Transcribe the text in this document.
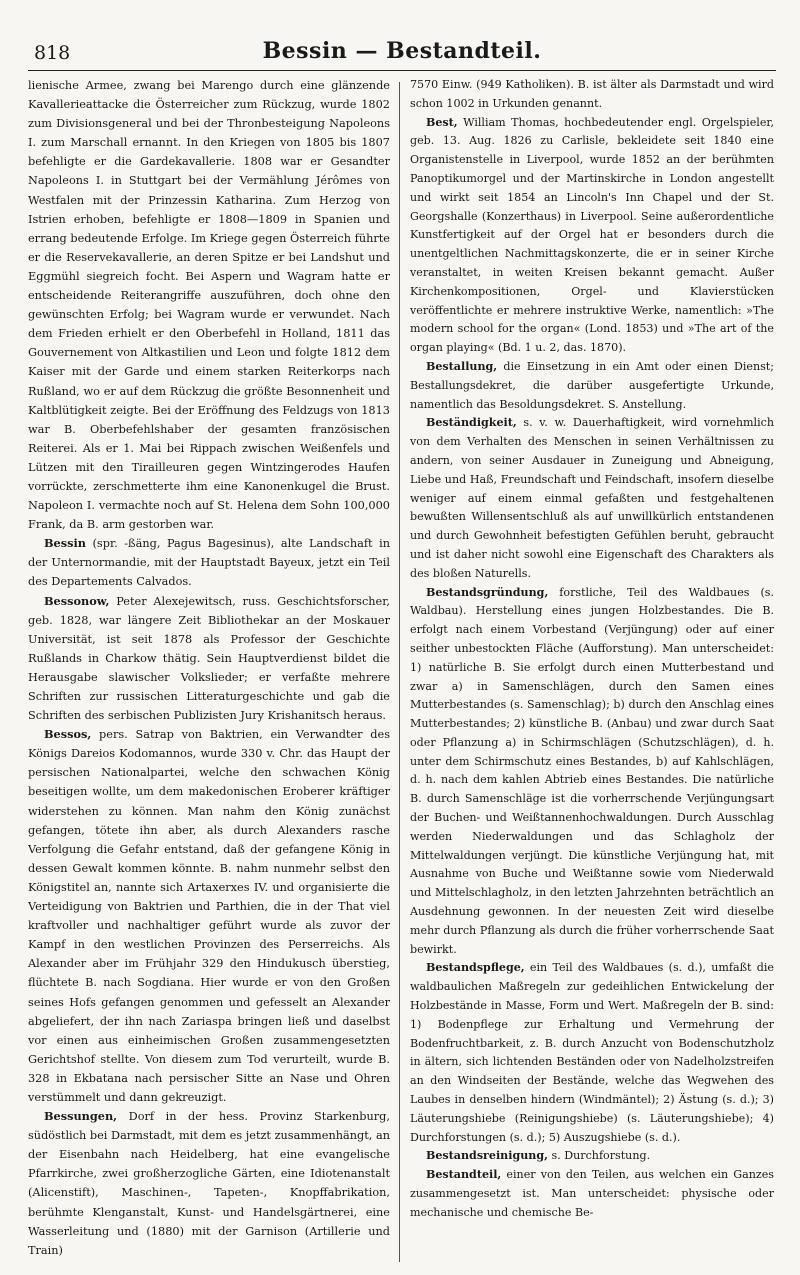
818	Bessin — Bestandteil.

lienische Armee, zwang bei Marengo durch eine glänzende Kavallerieattacke die Österreicher zum Rückzug, wurde 1802 zum Divisionsgeneral und bei der Thronbesteigung Napoleons I. zum Marschall ernannt. In den Kriegen von 1805 bis 1807 befehligte er die Gardekavallerie. 1808 war er Gesandter Napoleons I. in Stuttgart bei der Vermählung Jérômes von Westfalen mit der Prinzessin Katharina. Zum Herzog von Istrien erhoben, befehligte er 1808—1809 in Spanien und errang bedeutende Erfolge. Im Kriege gegen Österreich führte er die Reservekavallerie, an deren Spitze er bei Landshut und Eggmühl siegreich focht. Bei Aspern und Wagram hatte er entscheidende Reiterangriffe auszuführen, doch ohne den gewünschten Erfolg; bei Wagram wurde er verwundet. Nach dem Frieden erhielt er den Oberbefehl in Holland, 1811 das Gouvernement von Altkastilien und Leon und folgte 1812 dem Kaiser mit der Garde und einem starken Reiterkorps nach Rußland, wo er auf dem Rückzug die größte Besonnenheit und Kaltblütigkeit zeigte. Bei der Eröffnung des Feldzugs von 1813 war B. Oberbefehlshaber der gesamten französischen Reiterei. Als er 1. Mai bei Rippach zwischen Weißenfels und Lützen mit den Tirailleuren gegen Wintzingerodes Haufen vorrückte, zerschmetterte ihm eine Kanonenkugel die Brust. Napoleon I. vermachte noch auf St. Helena dem Sohn 100,000 Frank, da B. arm gestorben war.

Bessin (spr. -ßäng, Pagus Bagesinus), alte Landschaft in der Unternormandie, mit der Hauptstadt Bayeux, jetzt ein Teil des Departements Calvados.

Bessonow, Peter Alexejewitsch, russ. Geschichtsforscher, geb. 1828, war längere Zeit Bibliothekar an der Moskauer Universität, ist seit 1878 als Professor der Geschichte Rußlands in Charkow thätig. Sein Hauptverdienst bildet die Herausgabe slawischer Volkslieder; er verfaßte mehrere Schriften zur russischen Litteraturgeschichte und gab die Schriften des serbischen Publizisten Jury Krishanitsch heraus.

Bessos, pers. Satrap von Baktrien, ein Verwandter des Königs Dareios Kodomannos, wurde 330 v. Chr. das Haupt der persischen Nationalpartei, welche den schwachen König beseitigen wollte, um dem makedonischen Eroberer kräftiger widerstehen zu können. Man nahm den König zunächst gefangen, tötete ihn aber, als durch Alexanders rasche Verfolgung die Gefahr entstand, daß der gefangene König in dessen Gewalt kommen könnte. B. nahm nunmehr selbst den Königstitel an, nannte sich Artaxerxes IV. und organisierte die Verteidigung von Baktrien und Parthien, die in der That viel kraftvoller und nachhaltiger geführt wurde als zuvor der Kampf in den westlichen Provinzen des Perserreichs. Als Alexander aber im Frühjahr 329 den Hindukusch überstieg, flüchtete B. nach Sogdiana. Hier wurde er von den Großen seines Hofs gefangen genommen und gefesselt an Alexander abgeliefert, der ihn nach Zariaspa bringen ließ und daselbst vor einen aus einheimischen Großen zusammengesetzten Gerichtshof stellte. Von diesem zum Tod verurteilt, wurde B. 328 in Ekbatana nach persischer Sitte an Nase und Ohren verstümmelt und dann gekreuzigt.

Bessungen, Dorf in der hess. Provinz Starkenburg, südöstlich bei Darmstadt, mit dem es jetzt zusammenhängt, an der Eisenbahn nach Heidelberg, hat eine evangelische Pfarrkirche, zwei großherzogliche Gärten, eine Idiotenanstalt (Alicenstift), Maschinen-, Tapeten-, Knopffabrikation, berühmte Klenganstalt, Kunst- und Handelsgärtnerei, eine Wasserleitung und (1880) mit der Garnison (Artillerie und Train)

7570 Einw. (949 Katholiken). B. ist älter als Darmstadt und wird schon 1002 in Urkunden genannt.

Best, William Thomas, hochbedeutender engl. Orgelspieler, geb. 13. Aug. 1826 zu Carlisle, bekleidete seit 1840 eine Organistenstelle in Liverpool, wurde 1852 an der berühmten Panoptikumorgel und der Martinskirche in London angestellt und wirkt seit 1854 an Lincoln's Inn Chapel und der St. Georgshalle (Konzerthaus) in Liverpool. Seine außerordentliche Kunstfertigkeit auf der Orgel hat er besonders durch die unentgeltlichen Nachmittagskonzerte, die er in seiner Kirche veranstaltet, in weiten Kreisen bekannt gemacht. Außer Kirchenkompositionen, Orgel- und Klavierstücken veröffentlichte er mehrere instruktive Werke, namentlich: »The modern school for the organ« (Lond. 1853) und »The art of the organ playing« (Bd. 1 u. 2, das. 1870).

Bestallung, die Einsetzung in ein Amt oder einen Dienst; Bestallungsdekret, die darüber ausgefertigte Urkunde, namentlich das Besoldungsdekret. S. Anstellung.

Beständigkeit, s. v. w. Dauerhaftigkeit, wird vornehmlich von dem Verhalten des Menschen in seinen Verhältnissen zu andern, von seiner Ausdauer in Zuneigung und Abneigung, Liebe und Haß, Freundschaft und Feindschaft, insofern dieselbe weniger auf einem einmal gefaßten und festgehaltenen bewußten Willensentschluß als auf unwillkürlich entstandenen und durch Gewohnheit befestigten Gefühlen beruht, gebraucht und ist daher nicht sowohl eine Eigenschaft des Charakters als des bloßen Naturells.

Bestandsgründung, forstliche, Teil des Waldbaues (s. Waldbau). Herstellung eines jungen Holzbestandes. Die B. erfolgt nach einem Vorbestand (Verjüngung) oder auf einer seither unbestockten Fläche (Aufforstung). Man unterscheidet: 1) natürliche B. Sie erfolgt durch einen Mutterbestand und zwar a) in Samenschlägen, durch den Samen eines Mutterbestandes (s. Samenschlag); b) durch den Anschlag eines Mutterbestandes; 2) künstliche B. (Anbau) und zwar durch Saat oder Pflanzung a) in Schirmschlägen (Schutzschlägen), d. h. unter dem Schirmschutz eines Bestandes, b) auf Kahlschlägen, d. h. nach dem kahlen Abtrieb eines Bestandes. Die natürliche B. durch Samenschläge ist die vorherrschende Verjüngungsart der Buchen- und Weißtannenhochwaldungen. Durch Ausschlag werden Niederwaldungen und das Schlagholz der Mittelwaldungen verjüngt. Die künstliche Verjüngung hat, mit Ausnahme von Buche und Weißtanne sowie vom Niederwald und Mittelschlagholz, in den letzten Jahrzehnten beträchtlich an Ausdehnung gewonnen. In der neuesten Zeit wird dieselbe mehr durch Pflanzung als durch die früher vorherrschende Saat bewirkt.

Bestandspflege, ein Teil des Waldbaues (s. d.), umfaßt die waldbaulichen Maßregeln zur gedeihlichen Entwickelung der Holzbestände in Masse, Form und Wert. Maßregeln der B. sind: 1) Bodenpflege zur Erhaltung und Vermehrung der Bodenfruchtbarkeit, z. B. durch Anzucht von Bodenschutzholz in ältern, sich lichtenden Beständen oder von Nadelholzstreifen an den Windseiten der Bestände, welche das Wegwehen des Laubes in denselben hindern (Windmäntel); 2) Ästung (s. d.); 3) Läuterungshiebe (Reinigungshiebe) (s. Läuterungshiebe); 4) Durchforstungen (s. d.); 5) Auszugshiebe (s. d.).

Bestandsreinigung, s. Durchforstung.

Bestandteil, einer von den Teilen, aus welchen ein Ganzes zusammengesetzt ist. Man unterscheidet: physische oder mechanische und chemische Be-
